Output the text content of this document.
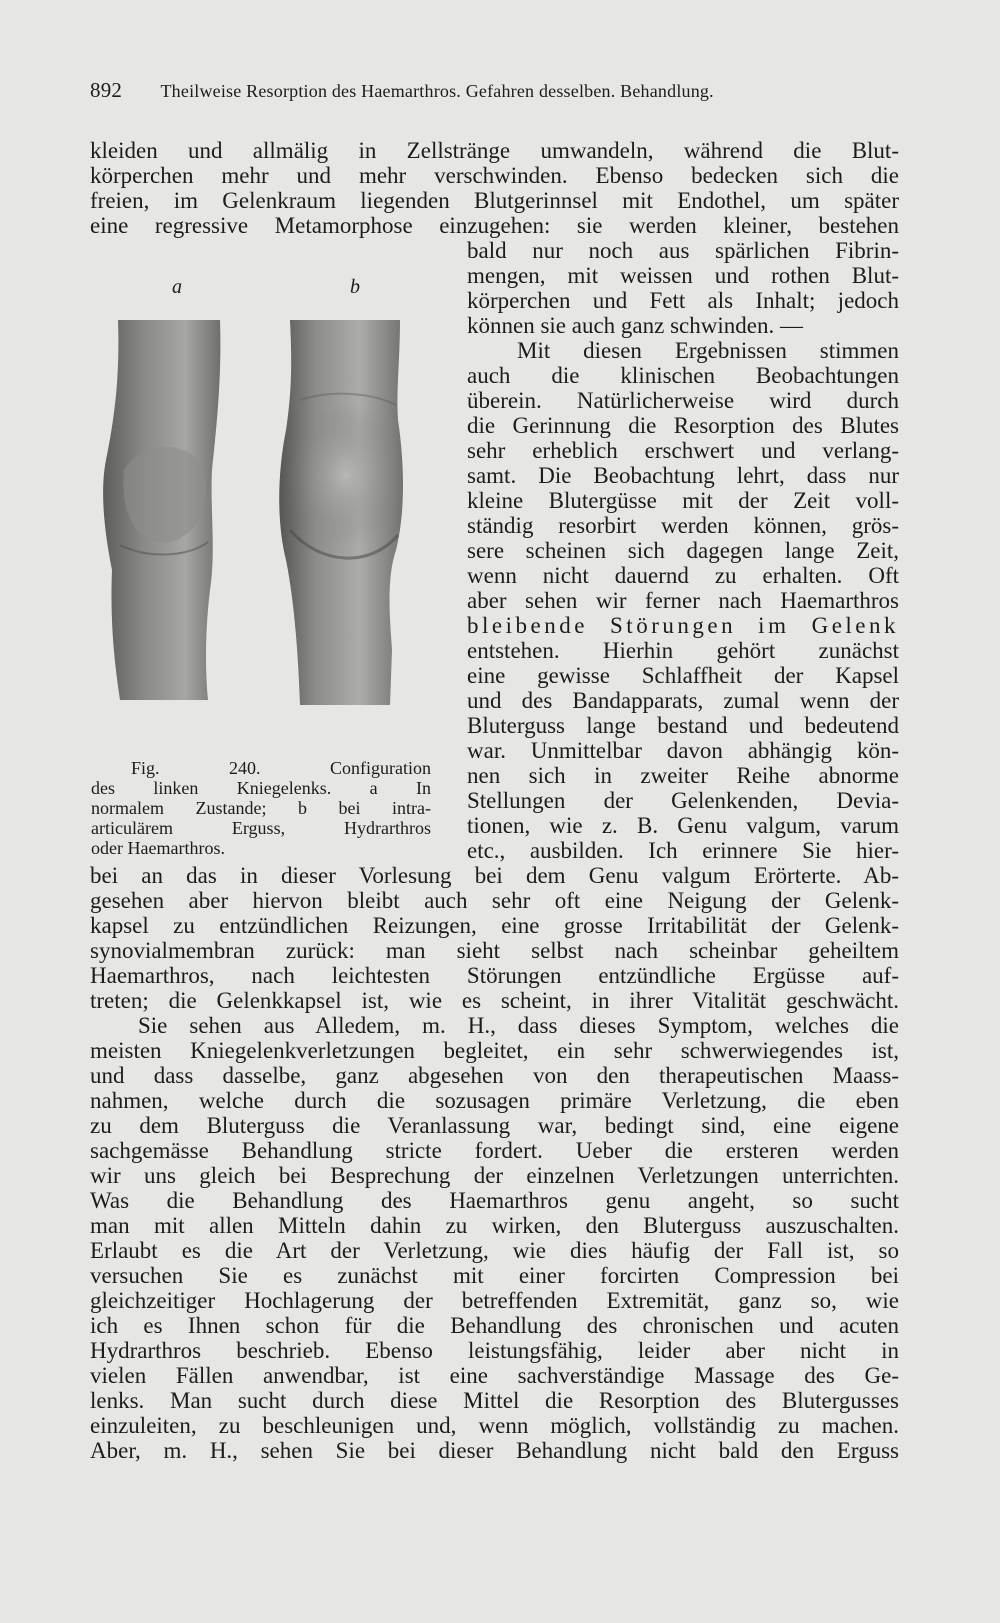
892 Theilweise Resorption des Haemarthros. Gefahren desselben. Behandlung.
kleiden und allmälig in Zellstränge umwandeln, während die Blut-
körperchen mehr und mehr verschwinden. Ebenso bedecken sich die
freien, im Gelenkraum liegenden Blutgerinnsel mit Endothel, um später
eine regressive Metamorphose einzugehen: sie werden kleiner, bestehen
bald nur noch aus spärlichen Fibrin-
mengen, mit weissen und rothen Blut-
körperchen und Fett als Inhalt; jedoch
können sie auch ganz schwinden. —
Mit diesen Ergebnissen stimmen
auch die klinischen Beobachtungen
überein. Natürlicherweise wird durch
die Gerinnung die Resorption des Blutes
sehr erheblich erschwert und verlang-
samt. Die Beobachtung lehrt, dass nur
kleine Blutergüsse mit der Zeit voll-
ständig resorbirt werden können, grös-
sere scheinen sich dagegen lange Zeit,
wenn nicht dauernd zu erhalten. Oft
aber sehen wir ferner nach Haemarthros
bleibende Störungen im Gelenk
entstehen. Hierhin gehört zunächst
eine gewisse Schlaffheit der Kapsel
und des Bandapparats, zumal wenn der
Bluterguss lange bestand und bedeutend
war. Unmittelbar davon abhängig kön-
nen sich in zweiter Reihe abnorme
Stellungen der Gelenkenden, Devia-
tionen, wie z. B. Genu valgum, varum
etc., ausbilden. Ich erinnere Sie hier-
a	b
Fig. 240. Configuration
des linken Kniegelenks. a In
normalem Zustande; b bei intra-
articulärem Erguss, Hydrarthros
oder Haemarthros.
bei an das in dieser Vorlesung bei dem Genu valgum Erörterte. Ab-
gesehen aber hiervon bleibt auch sehr oft eine Neigung der Gelenk-
kapsel zu entzündlichen Reizungen, eine grosse Irritabilität der Gelenk-
synovialmembran zurück: man sieht selbst nach scheinbar geheiltem
Haemarthros, nach leichtesten Störungen entzündliche Ergüsse auf-
treten; die Gelenkkapsel ist, wie es scheint, in ihrer Vitalität geschwächt.
Sie sehen aus Alledem, m. H., dass dieses Symptom, welches die
meisten Kniegelenkverletzungen begleitet, ein sehr schwerwiegendes ist,
und dass dasselbe, ganz abgesehen von den therapeutischen Maass-
nahmen, welche durch die sozusagen primäre Verletzung, die eben
zu dem Bluterguss die Veranlassung war, bedingt sind, eine eigene
sachgemässe Behandlung stricte fordert. Ueber die ersteren werden
wir uns gleich bei Besprechung der einzelnen Verletzungen unterrichten.
Was die Behandlung des Haemarthros genu angeht, so sucht
man mit allen Mitteln dahin zu wirken, den Bluterguss auszuschalten.
Erlaubt es die Art der Verletzung, wie dies häufig der Fall ist, so
versuchen Sie es zunächst mit einer forcirten Compression bei
gleichzeitiger Hochlagerung der betreffenden Extremität, ganz so, wie
ich es Ihnen schon für die Behandlung des chronischen und acuten
Hydrarthros beschrieb. Ebenso leistungsfähig, leider aber nicht in
vielen Fällen anwendbar, ist eine sachverständige Massage des Ge-
lenks. Man sucht durch diese Mittel die Resorption des Blutergusses
einzuleiten, zu beschleunigen und, wenn möglich, vollständig zu machen.
Aber, m. H., sehen Sie bei dieser Behandlung nicht bald den Erguss
